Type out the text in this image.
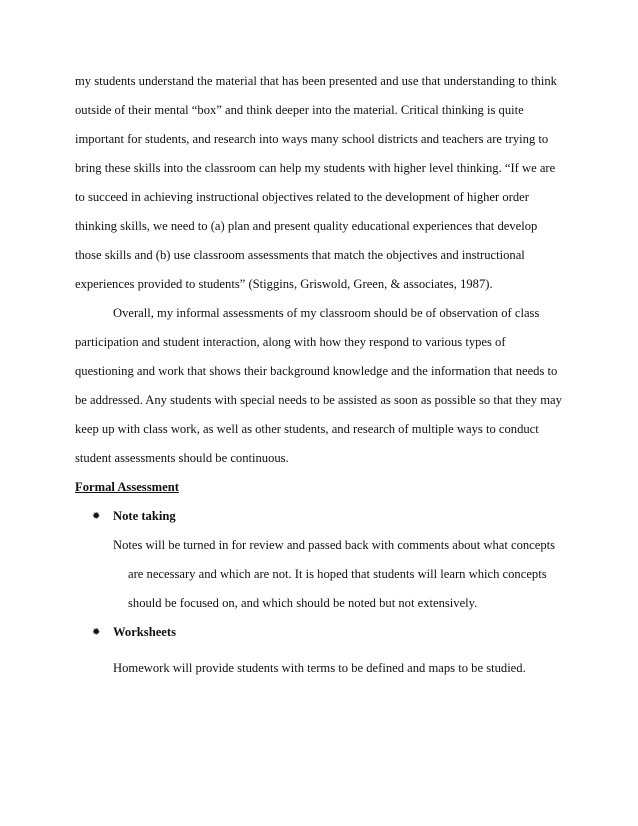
my students understand the material that has been presented and use that understanding to think
outside of their mental “box” and think deeper into the material. Critical thinking is quite
important for students, and research into ways many school districts and teachers are trying to
bring these skills into the classroom can help my students with higher level thinking. “If we are
to succeed in achieving instructional objectives related to the development of higher order
thinking skills, we need to (a) plan and present quality educational experiences that develop
those skills and (b) use classroom assessments that match the objectives and instructional
experiences provided to students” (Stiggins, Griswold, Green, & associates, 1987).
Overall, my informal assessments of my classroom should be of observation of class
participation and student interaction, along with how they respond to various types of
questioning and work that shows their background knowledge and the information that needs to
be addressed. Any students with special needs to be assisted as soon as possible so that they may
keep up with class work, as well as other students, and research of multiple ways to conduct
student assessments should be continuous.
Formal Assessment
✹ Note taking
Notes will be turned in for review and passed back with comments about what concepts
are necessary and which are not. It is hoped that students will learn which concepts
should be focused on, and which should be noted but not extensively.
✹ Worksheets
Homework will provide students with terms to be defined and maps to be studied.
